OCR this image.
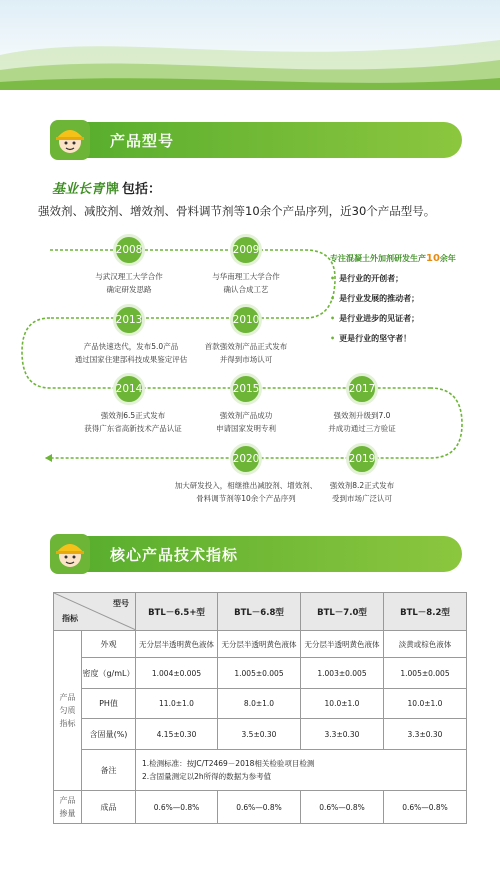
产品型号
基业长青 牌 包括：
强效剂、减胶剂、增效剂、骨料调节剂等10余个产品序列，近30个产品型号。
2008
与武汉理工大学合作
确定研发思路
2009
与华南理工大学合作
确认合成工艺
2013
产品快速迭代，发布5.0产品
通过国家住建部科技成果鉴定评估
2010
首款强效剂产品正式发布
并得到市场认可
2014
强效剂6.5正式发布
获得广东省高新技术产品认证
2015
强效剂产品成功
申请国家发明专利
2017
强效剂升级到7.0
并成功通过三方验证
2020
加大研发投入，相继推出减胶剂、增效剂、
骨料调节剂等10余个产品序列
2019
强效剂8.2正式发布
受到市场广泛认可
专注混凝土外加剂研发生产10余年
• 是行业的开创者；
• 是行业发展的推动者；
• 是行业进步的见证者；
• 更是行业的坚守者！
核心产品技术指标
型号
指标		BTL－6.5+型	BTL－6.8型	BTL－7.0型	BTL－8.2型

产品
匀质
指标	外观	无分层半透明黄色液体	无分层半透明黄色液体	无分层半透明黄色液体	淡黄或棕色液体
	密度（g/mL）	1.004±0.005	1.005±0.005	1.003±0.005	1.005±0.005
	PH值	11.0±1.0	8.0±1.0	10.0±1.0	10.0±1.0
	含固量(%)	4.15±0.30	3.5±0.30	3.3±0.30	3.3±0.30
	备注	1.检测标准：按JC/T2469－2018相关检验项目检测
2.含固量测定以2h所得的数据为参考值			

产品
掺量	成品	0.6%—0.8%	0.6%—0.8%	0.6%—0.8%	0.6%—0.8%
